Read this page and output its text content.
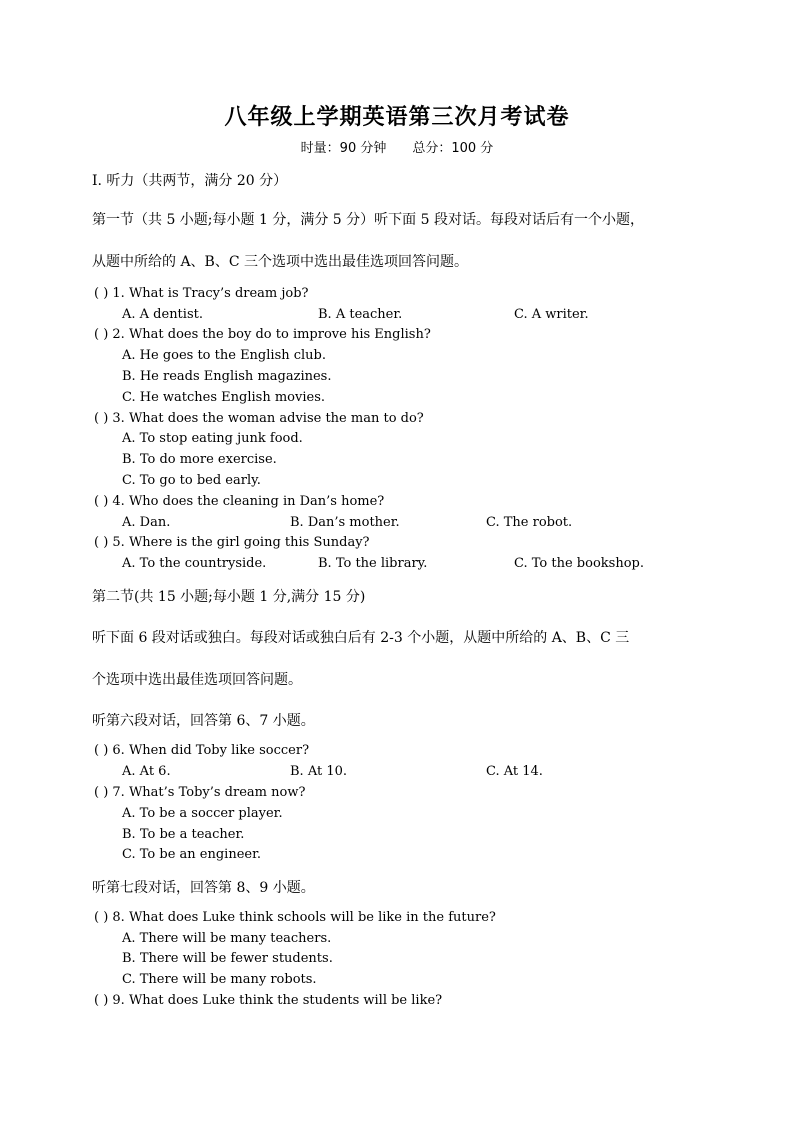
八年级上学期英语第三次月考试卷
时量：90 分钟 总分：100 分
I. 听力（共两节，满分 20 分）
第一节（共 5 小题;每小题 1 分，满分 5 分）听下面 5 段对话。每段对话后有一个小题，
从题中所给的 A、B、C 三个选项中选出最佳选项回答问题。
( ) 1. What is Tracy’s dream job?
A. A dentist.	B. A teacher.	C. A writer.
( ) 2. What does the boy do to improve his English?
A. He goes to the English club.
B. He reads English magazines.
C. He watches English movies.
( ) 3. What does the woman advise the man to do?
A. To stop eating junk food.
B. To do more exercise.
C. To go to bed early.
( ) 4. Who does the cleaning in Dan’s home?
A. Dan.	B. Dan’s mother.	C. The robot.
( ) 5. Where is the girl going this Sunday?
A. To the countryside.	B. To the library.	C. To the bookshop.
第二节(共 15 小题;每小题 1 分,满分 15 分)
听下面 6 段对话或独白。每段对话或独白后有 2-3 个小题，从题中所给的 A、B、C 三
个选项中选出最佳选项回答问题。
听第六段对话，回答第 6、7 小题。
( ) 6. When did Toby like soccer?
A. At 6.	B. At 10.	C. At 14.
( ) 7. What’s Toby’s dream now?
A. To be a soccer player.
B. To be a teacher.
C. To be an engineer.
听第七段对话，回答第 8、9 小题。
( ) 8. What does Luke think schools will be like in the future?
A. There will be many teachers.
B. There will be fewer students.
C. There will be many robots.
( ) 9. What does Luke think the students will be like?
